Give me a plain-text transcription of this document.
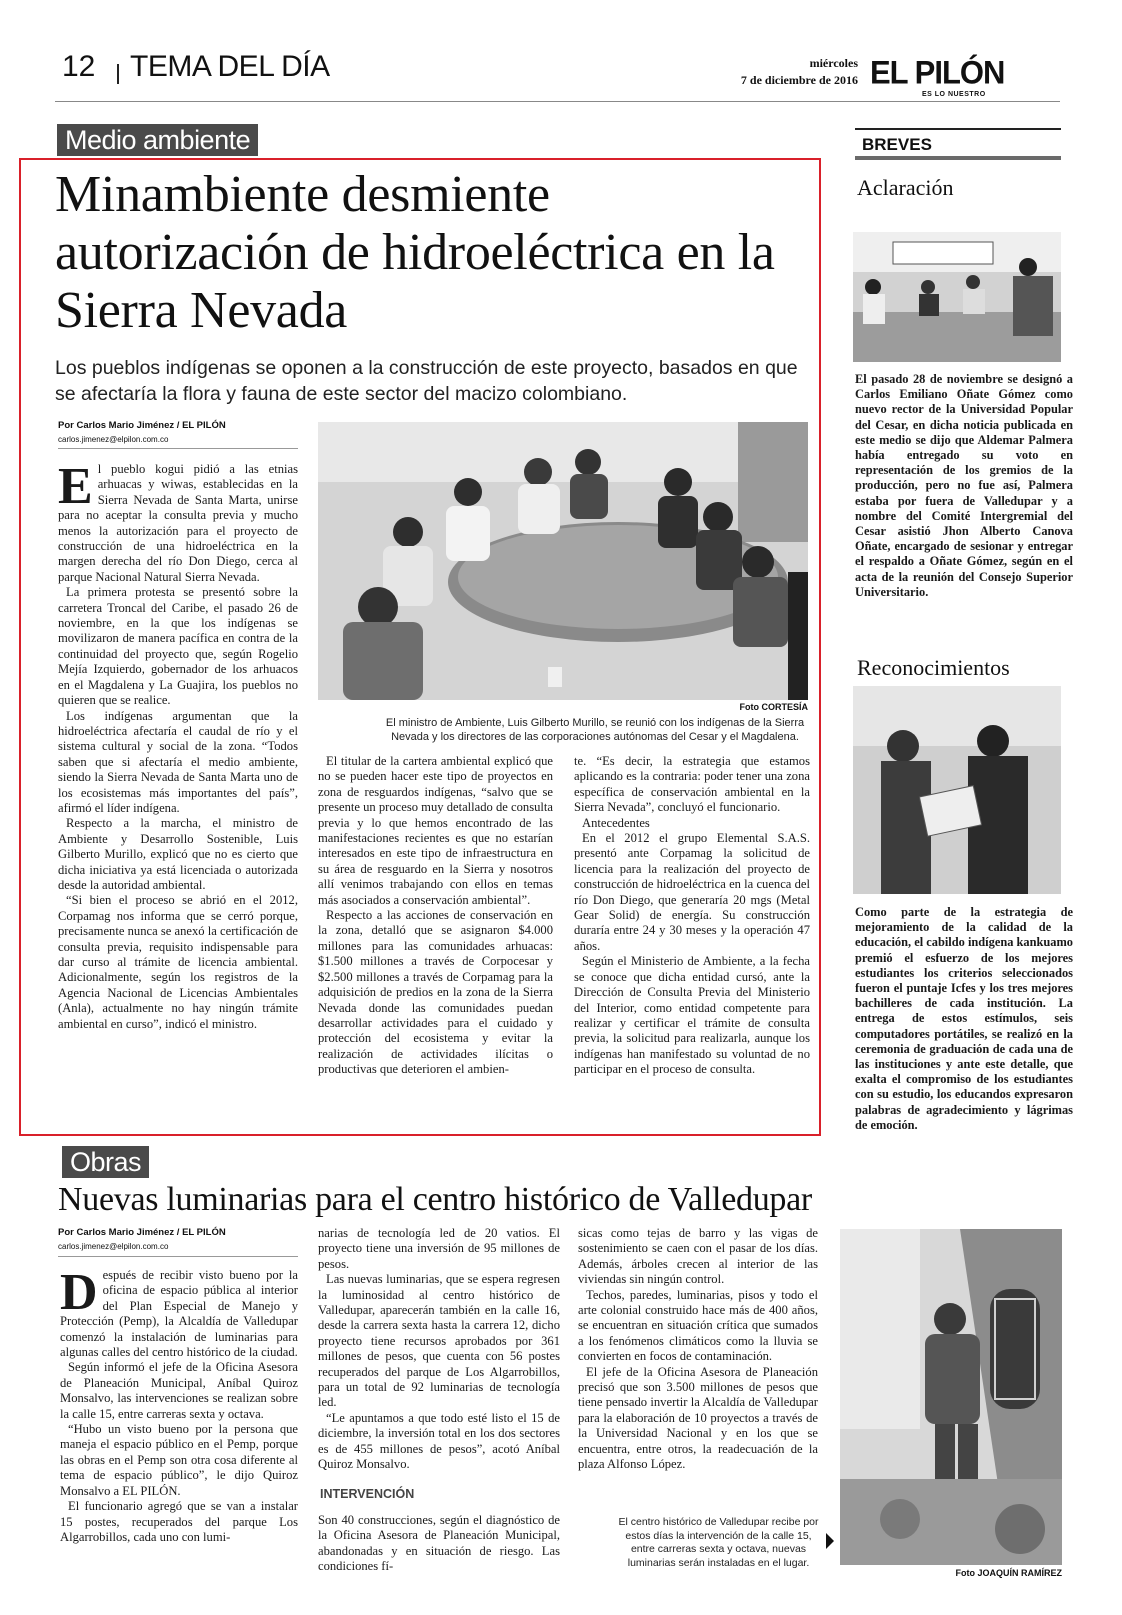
12 TEMA DEL DÍA	miércoles
7 de diciembre de 2016 EL PILÓN
ES LO NUESTRO
Medio ambiente
Minambiente desmiente autorización de hidroeléctrica en la Sierra Nevada
Los pueblos indígenas se oponen a la construcción de este proyecto, basados en que se afectaría la flora y fauna de este sector del macizo colombiano.
Por Carlos Mario Jiménez / EL PILÓN
carlos.jimenez@elpilon.com.co
Foto CORTESÍA
El ministro de Ambiente, Luis Gilberto Murillo, se reunió con los indígenas de la Sierra Nevada y los directores de las corporaciones autónomas del Cesar y el Magdalena.

El pueblo kogui pidió a las etnias arhuacas y wiwas, establecidas en la Sierra Nevada de Santa Marta, unirse para no aceptar la consulta previa y mucho menos la autorización para el proyecto de construcción de una hidroeléctrica en la margen derecha del río Don Diego, cerca al parque Nacional Natural Sierra Nevada.

La primera protesta se presentó sobre la carretera Troncal del Caribe, el pasado 26 de noviembre, en la que los indígenas se movilizaron de manera pacífica en contra de la continuidad del proyecto que, según Rogelio Mejía Izquierdo, gobernador de los arhuacos en el Magdalena y La Guajira, los pueblos no quieren que se realice.

Los indígenas argumentan que la hidroeléctrica afectaría el caudal de río y el sistema cultural y social de la zona. “Todos saben que si afectaría el medio ambiente, siendo la Sierra Nevada de Santa Marta uno de los ecosistemas más importantes del país”, afirmó el líder indígena.

Respecto a la marcha, el ministro de Ambiente y Desarrollo Sostenible, Luis Gilberto Murillo, explicó que no es cierto que dicha iniciativa ya está licenciada o autorizada desde la autoridad ambiental.

“Si bien el proceso se abrió en el 2012, Corpamag nos informa que se cerró porque, precisamente nunca se anexó la certificación de consulta previa, requisito indispensable para dar curso al trámite de licencia ambiental. Adicionalmente, según los registros de la Agencia Nacional de Licencias Ambientales (Anla), actualmente no hay ningún trámite ambiental en curso”, indicó el ministro.

El titular de la cartera ambiental explicó que no se pueden hacer este tipo de proyectos en zona de resguardos indígenas, “salvo que se presente un proceso muy detallado de consulta previa y lo que hemos encontrado de las manifestaciones recientes es que no estarían interesados en este tipo de infraestructura en su área de resguardo en la Sierra y nosotros allí venimos trabajando con ellos en temas más asociados a conservación ambiental”.

Respecto a las acciones de conservación en la zona, detalló que se asignaron $4.000 millones para las comunidades arhuacas: $1.500 millones a través de Corpocesar y $2.500 millones a través de Corpamag para la adquisición de predios en la zona de la Sierra Nevada donde las comunidades puedan desarrollar actividades para el cuidado y protección del ecosistema y evitar la realización de actividades ilícitas o productivas que deterioren el ambien-

te. “Es decir, la estrategia que estamos aplicando es la contraria: poder tener una zona específica de conservación ambiental en la Sierra Nevada”, concluyó el funcionario.

Antecedentes

En el 2012 el grupo Elemental S.A.S. presentó ante Corpamag la solicitud de licencia para la realización del proyecto de construcción de hidroeléctrica en la cuenca del río Don Diego, que generaría 20 mgs (Metal Gear Solid) de energía. Su construcción duraría entre 24 y 30 meses y la operación 47 años.

Según el Ministerio de Ambiente, a la fecha se conoce que dicha entidad cursó, ante la Dirección de Consulta Previa del Ministerio del Interior, como entidad competente para realizar y certificar el trámite de consulta previa, la solicitud para realizarla, aunque los indígenas han manifestado su voluntad de no participar en el proceso de consulta.

BREVES
Aclaración
El pasado 28 de noviembre se designó a Carlos Emiliano Oñate Gómez como nuevo rector de la Universidad Popular del Cesar, en dicha noticia publicada en este medio se dijo que Aldemar Palmera había entregado su voto en representación de los gremios de la producción, pero no fue así, Palmera estaba por fuera de Valledupar y a nombre del Comité Intergremial del Cesar asistió Jhon Alberto Canova Oñate, encargado de sesionar y entregar el respaldo a Oñate Gómez, según en el acta de la reunión del Consejo Superior Universitario.
Reconocimientos
Como parte de la estrategia de mejoramiento de la calidad de la educación, el cabildo indígena kankuamo premió el esfuerzo de los mejores estudiantes los criterios seleccionados fueron el puntaje Icfes y los tres mejores bachilleres de cada institución. La entrega de estos estímulos, seis computadores portátiles, se realizó en la ceremonia de graduación de cada una de las instituciones y ante este detalle, que exalta el compromiso de los estudiantes con su estudio, los educandos expresaron palabras de agradecimiento y lágrimas de emoción.
Obras
Nuevas luminarias para el centro histórico de Valledupar
Por Carlos Mario Jiménez / EL PILÓN
carlos.jimenez@elpilon.com.co

Después de recibir visto bueno por la oficina de espacio pública al interior del Plan Especial de Manejo y Protección (Pemp), la Alcaldía de Valledupar comenzó la instalación de luminarias para algunas calles del centro histórico de la ciudad.

Según informó el jefe de la Oficina Asesora de Planeación Municipal, Aníbal Quiroz Monsalvo, las intervenciones se realizan sobre la calle 15, entre carreras sexta y octava.

“Hubo un visto bueno por la persona que maneja el espacio público en el Pemp, porque las obras en el Pemp son otra cosa diferente al tema de espacio público”, le dijo Quiroz Monsalvo a EL PILÓN.

El funcionario agregó que se van a instalar 15 postes, recuperados del parque Los Algarrobillos, cada uno con lumi-

narias de tecnología led de 20 vatios. El proyecto tiene una inversión de 95 millones de pesos.

Las nuevas luminarias, que se espera regresen la luminosidad al centro histórico de Valledupar, aparecerán también en la calle 16, desde la carrera sexta hasta la carrera 12, dicho proyecto tiene recursos aprobados por 361 millones de pesos, que cuenta con 56 postes recuperados del parque de Los Algarrobillos, para un total de 92 luminarias de tecnología led.

“Le apuntamos a que todo esté listo el 15 de diciembre, la inversión total en los dos sectores es de 455 millones de pesos”, acotó Aníbal Quiroz Monsalvo.

INTERVENCIÓN
Son 40 construcciones, según el diagnóstico de la Oficina Asesora de Planeación Municipal, abandonadas y en situación de riesgo. Las condiciones fí-

sicas como tejas de barro y las vigas de sostenimiento se caen con el pasar de los días. Además, árboles crecen al interior de las viviendas sin ningún control.

Techos, paredes, luminarias, pisos y todo el arte colonial construido hace más de 400 años, se encuentran en situación crítica que sumados a los fenómenos climáticos como la lluvia se convierten en focos de contaminación.

El jefe de la Oficina Asesora de Planeación precisó que son 3.500 millones de pesos que tiene pensado invertir la Alcaldía de Valledupar para la elaboración de 10 proyectos a través de la Universidad Nacional y en los que se encuentra, entre otros, la readecuación de la plaza Alfonso López.

El centro histórico de Valledupar recibe por estos días la intervención de la calle 15, entre carreras sexta y octava, nuevas luminarias serán instaladas en el lugar.
Foto JOAQUÍN RAMÍREZ
